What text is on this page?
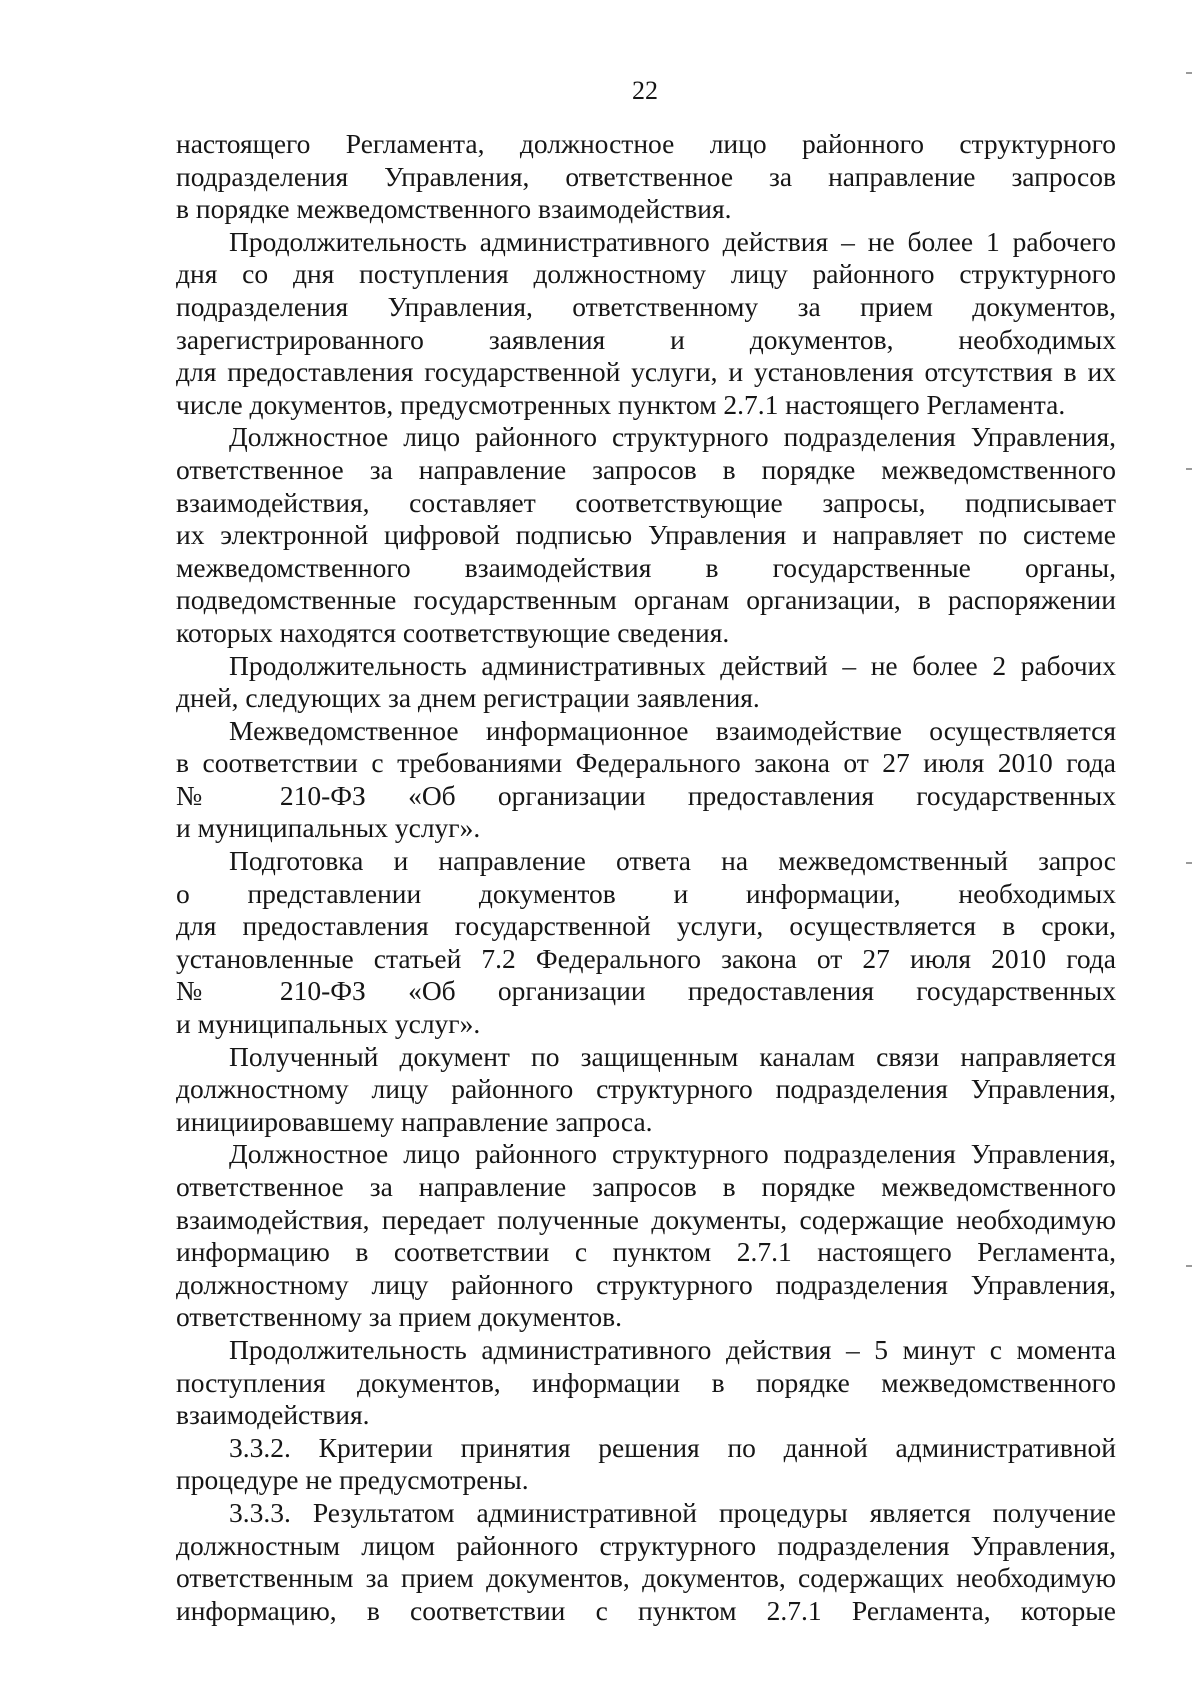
22
настоящего Регламента, должностное лицо районного структурного
подразделения Управления, ответственное за направление запросов
в порядке межведомственного взаимодействия.
Продолжительность административного действия – не более 1 рабочего
дня со дня поступления должностному лицу районного структурного
подразделения Управления, ответственному за прием документов,
зарегистрированного заявления и документов, необходимых
для предоставления государственной услуги, и установления отсутствия в их
числе документов, предусмотренных пунктом 2.7.1 настоящего Регламента.
Должностное лицо районного структурного подразделения Управления,
ответственное за направление запросов в порядке межведомственного
взаимодействия, составляет соответствующие запросы, подписывает
их электронной цифровой подписью Управления и направляет по системе
межведомственного взаимодействия в государственные органы,
подведомственные государственным органам организации, в распоряжении
которых находятся соответствующие сведения.
Продолжительность административных действий – не более 2 рабочих
дней, следующих за днем регистрации заявления.
Межведомственное информационное взаимодействие осуществляется
в соответствии с требованиями Федерального закона от 27 июля 2010 года
№ 210-ФЗ «Об организации предоставления государственных
и муниципальных услуг».
Подготовка и направление ответа на межведомственный запрос
о представлении документов и информации, необходимых
для предоставления государственной услуги, осуществляется в сроки,
установленные статьей 7.2 Федерального закона от 27 июля 2010 года
№ 210-ФЗ «Об организации предоставления государственных
и муниципальных услуг».
Полученный документ по защищенным каналам связи направляется
должностному лицу районного структурного подразделения Управления,
инициировавшему направление запроса.
Должностное лицо районного структурного подразделения Управления,
ответственное за направление запросов в порядке межведомственного
взаимодействия, передает полученные документы, содержащие необходимую
информацию в соответствии с пунктом 2.7.1 настоящего Регламента,
должностному лицу районного структурного подразделения Управления,
ответственному за прием документов.
Продолжительность административного действия – 5 минут с момента
поступления документов, информации в порядке межведомственного
взаимодействия.
3.3.2. Критерии принятия решения по данной административной
процедуре не предусмотрены.
3.3.3. Результатом административной процедуры является получение
должностным лицом районного структурного подразделения Управления,
ответственным за прием документов, документов, содержащих необходимую
информацию, в соответствии с пунктом 2.7.1 Регламента, которые
